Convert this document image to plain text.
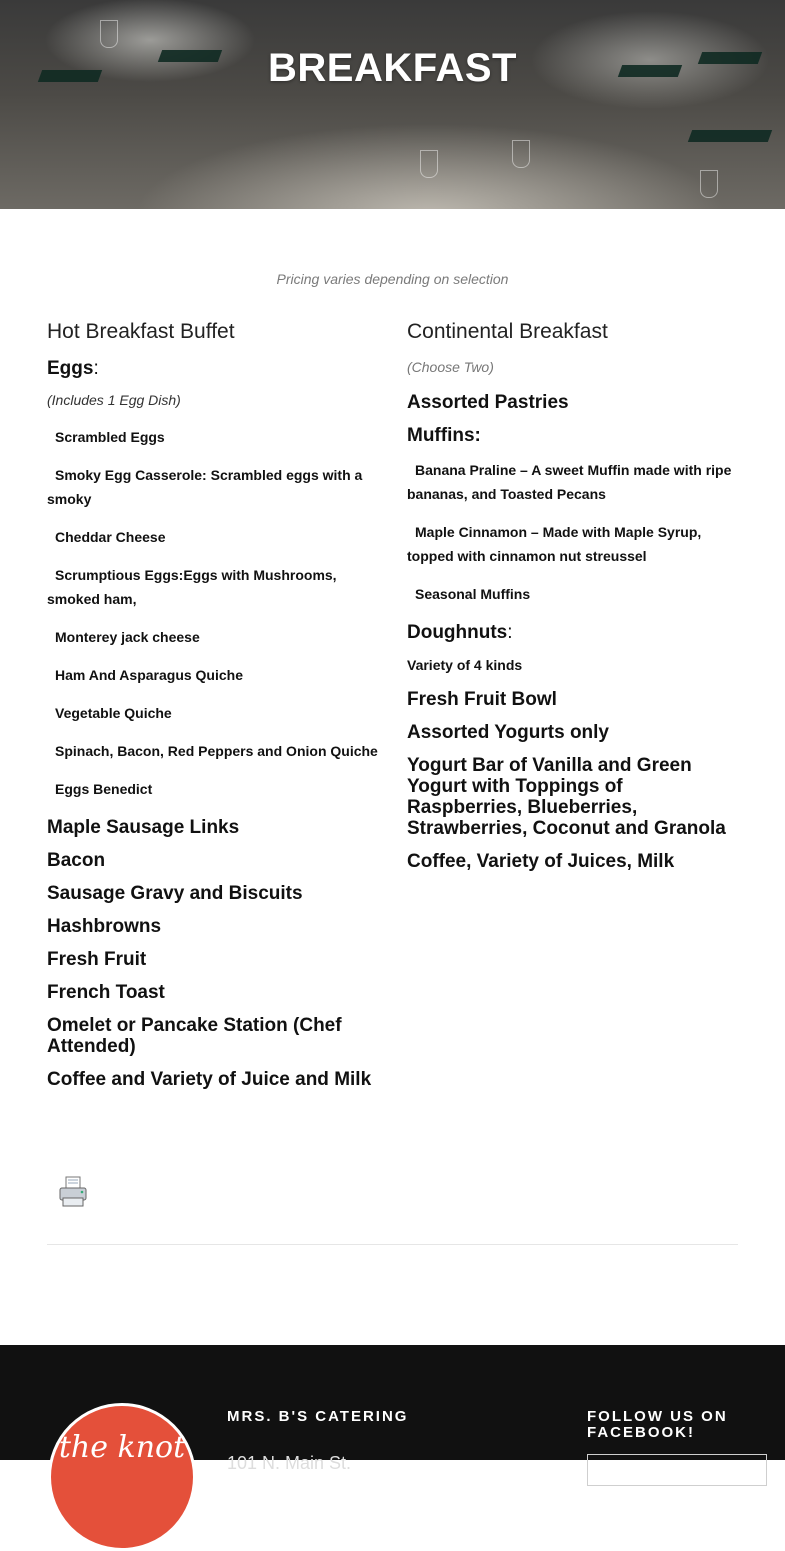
BREAKFAST
Pricing varies depending on selection
Hot Breakfast Buffet
Eggs:
(Includes 1 Egg Dish)
Scrambled Eggs
Smoky Egg Casserole: Scrambled eggs with a smoky
Cheddar Cheese
Scrumptious Eggs:Eggs with Mushrooms, smoked ham,
Monterey jack cheese
Ham And Asparagus Quiche
Vegetable Quiche
Spinach, Bacon, Red Peppers and Onion Quiche
Eggs Benedict
Maple Sausage Links
Bacon
Sausage Gravy and Biscuits
Hashbrowns
Fresh Fruit
French Toast
Omelet or Pancake Station (Chef Attended)
Coffee and Variety of Juice and Milk
Continental Breakfast
(Choose Two)
Assorted Pastries
Muffins:
Banana Praline – A sweet Muffin made with ripe bananas, and Toasted Pecans
Maple Cinnamon – Made with Maple Syrup, topped with cinnamon nut streussel
Seasonal Muffins
Doughnuts:
Variety of 4 kinds
Fresh Fruit Bowl
Assorted Yogurts only
Yogurt Bar of Vanilla and Green Yogurt with Toppings of Raspberries, Blueberries, Strawberries, Coconut and Granola
Coffee, Variety of Juices, Milk
the knot
MRS. B'S CATERING
101 N. Main St.
FOLLOW US ON FACEBOOK!
